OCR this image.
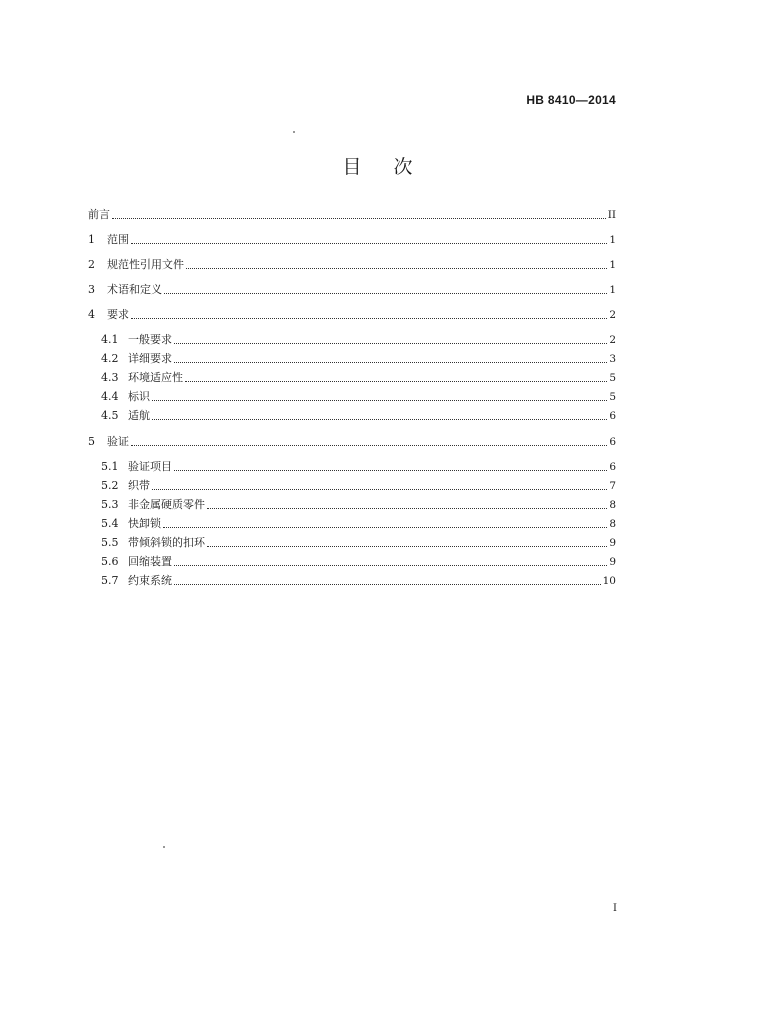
HB 8410—2014
目次
前言	II
1	范围	1
2	规范性引用文件	1
3	术语和定义	1
4	要求	2
4.1 一般要求	2
4.2 详细要求	3
4.3 环境适应性	5
4.4 标识	5
4.5 适航	6
5	验证	6
5.1 验证项目	6
5.2 织带	7
5.3 非金属硬质零件	8
5.4 快卸锁	8
5.5 带倾斜锁的扣环	9
5.6 回缩装置	9
5.7 约束系统	10
I
